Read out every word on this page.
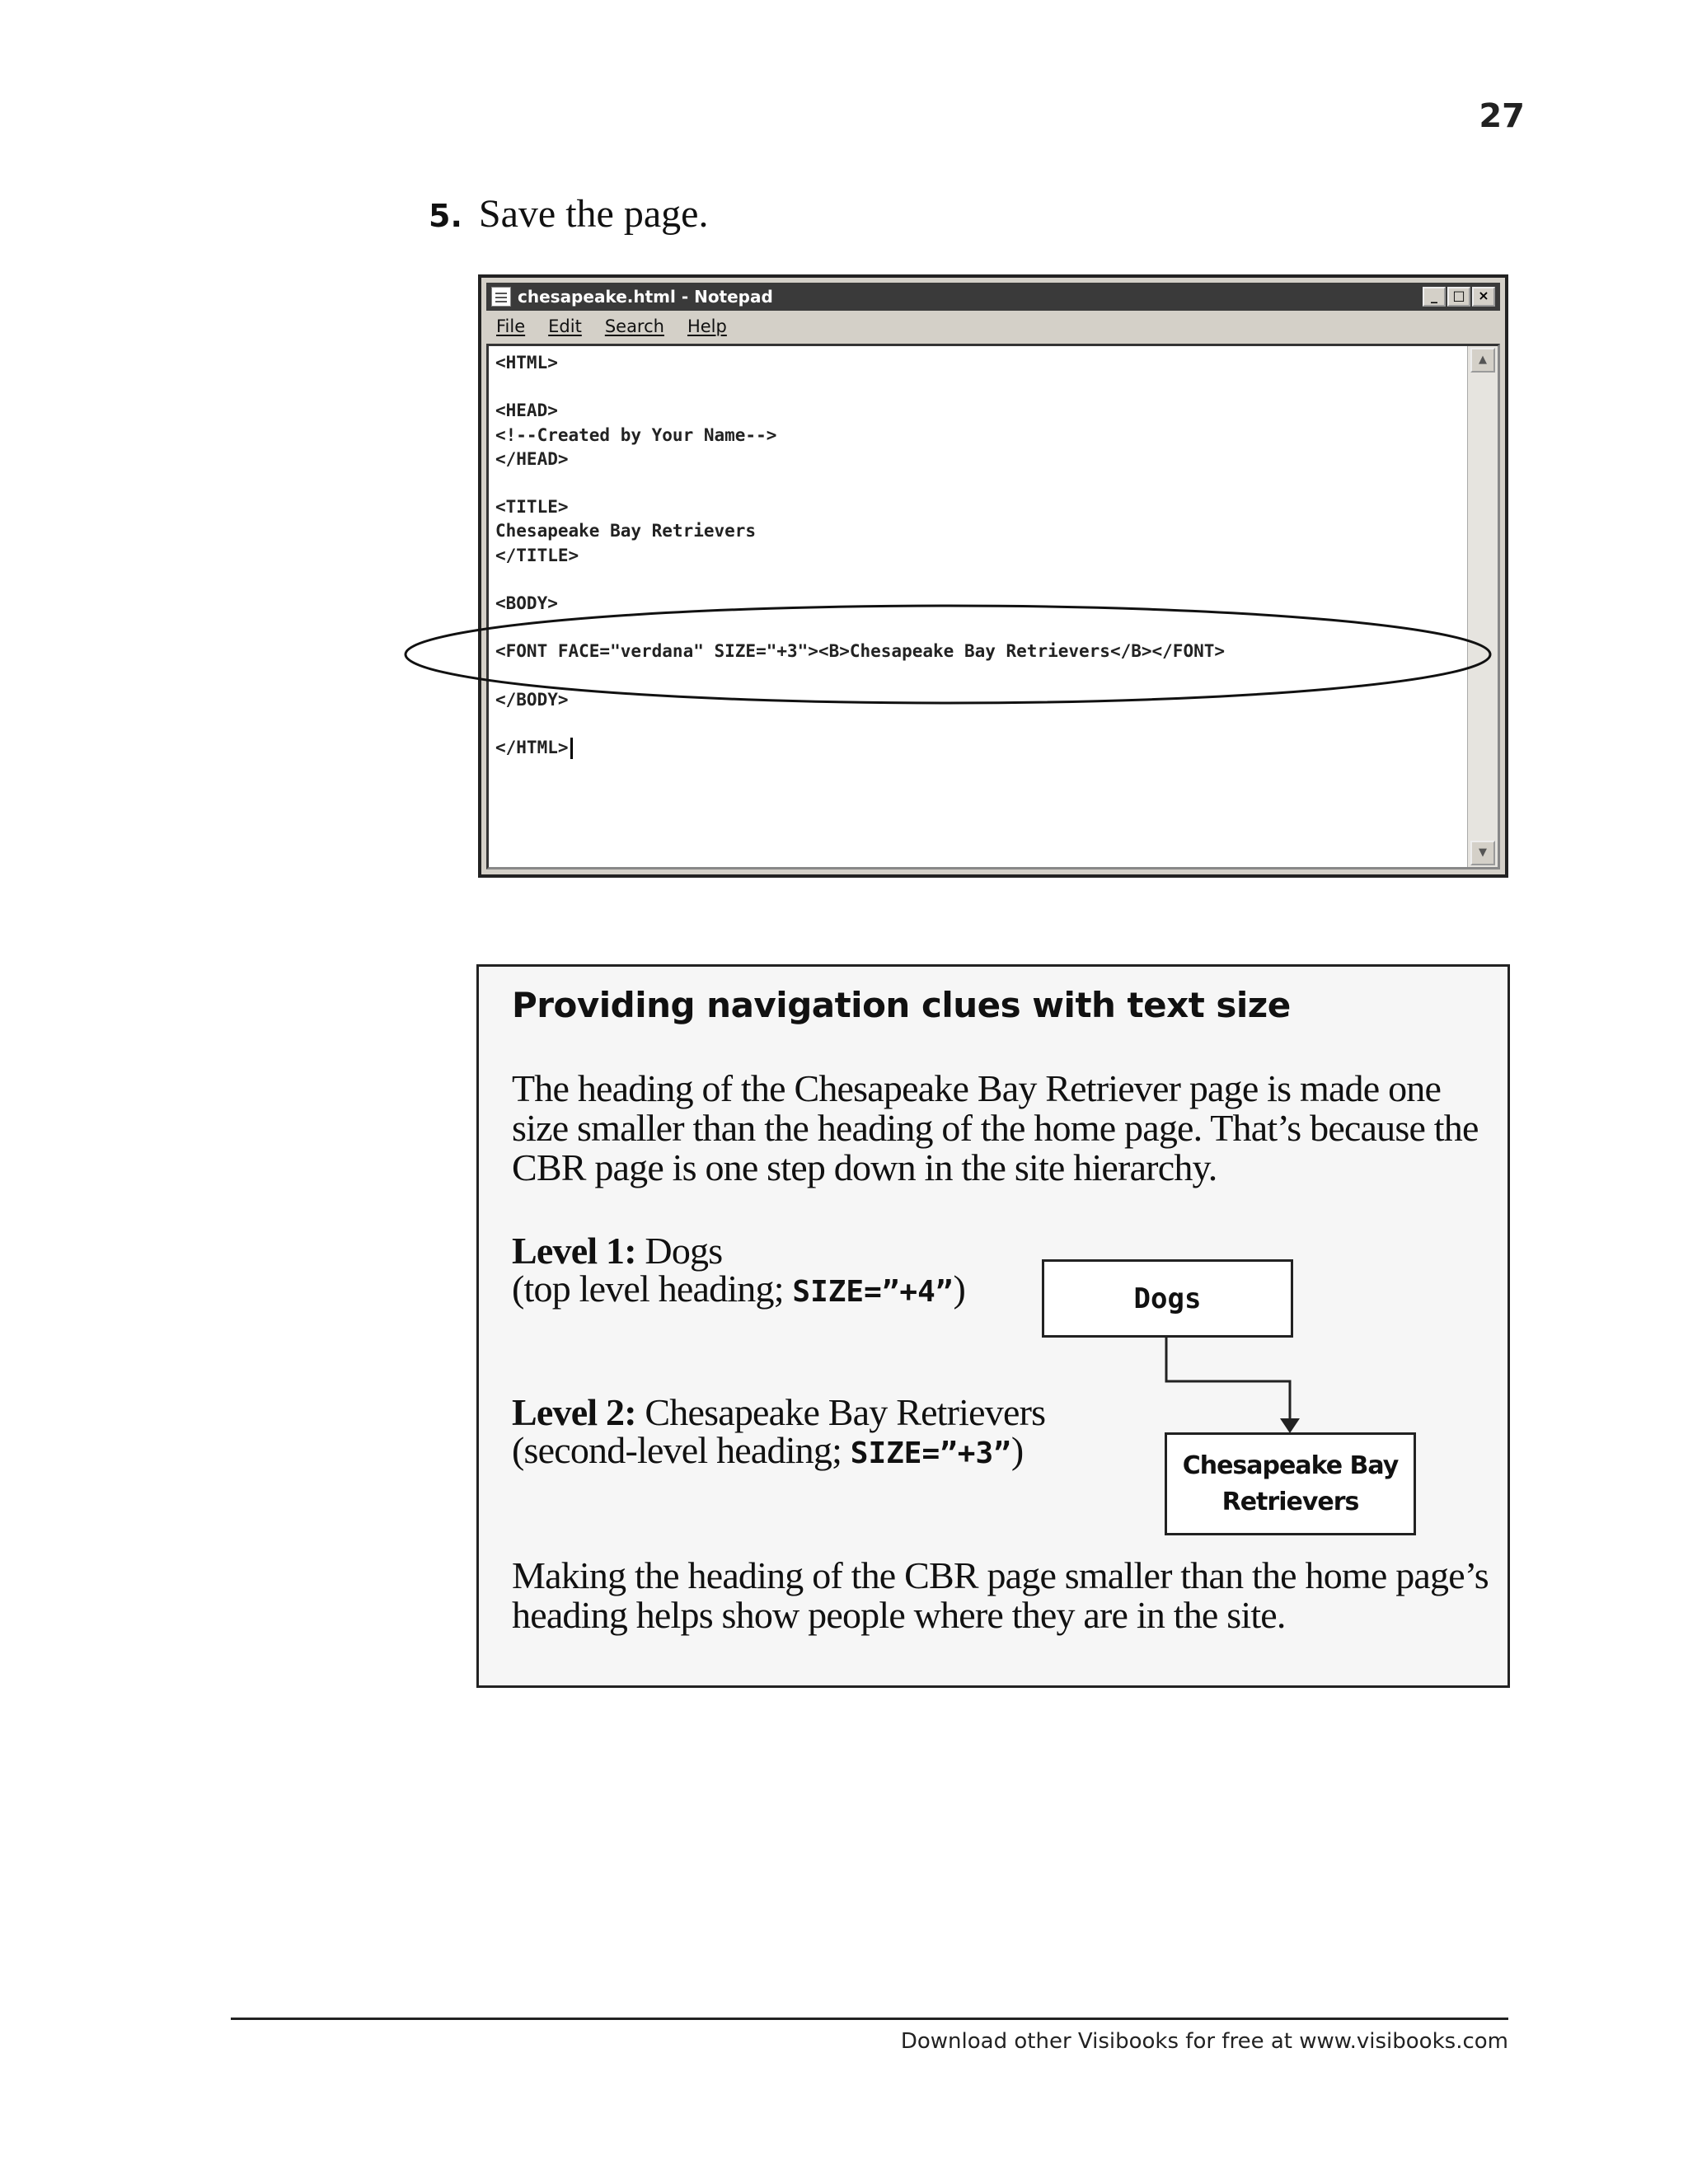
27
5. Save the page.
chesapeake.html - Notepad	_	□ ×
File Edit Search Help
<HTML>

<HEAD>
<!--Created by Your Name-->
</HEAD>

<TITLE>
Chesapeake Bay Retrievers
</TITLE>

<BODY>

<FONT FACE="verdana" SIZE="+3"><B>Chesapeake Bay Retrievers</B></FONT>

</BODY>

</HTML>
▲
▼
Providing navigation clues with text size
The heading of the Chesapeake Bay Retriever page is made one size smaller than the heading of the home page. That’s because the CBR page is one step down in the site hierarchy.
Level 1: Dogs
(top level heading; SIZE=”+4”)
Level 2: Chesapeake Bay Retrievers
(second-level heading; SIZE=”+3”)
Dogs
Chesapeake Bay Retrievers
Making the heading of the CBR page smaller than the home page’s heading helps show people where they are in the site.
Download other Visibooks for free at www.visibooks.com
